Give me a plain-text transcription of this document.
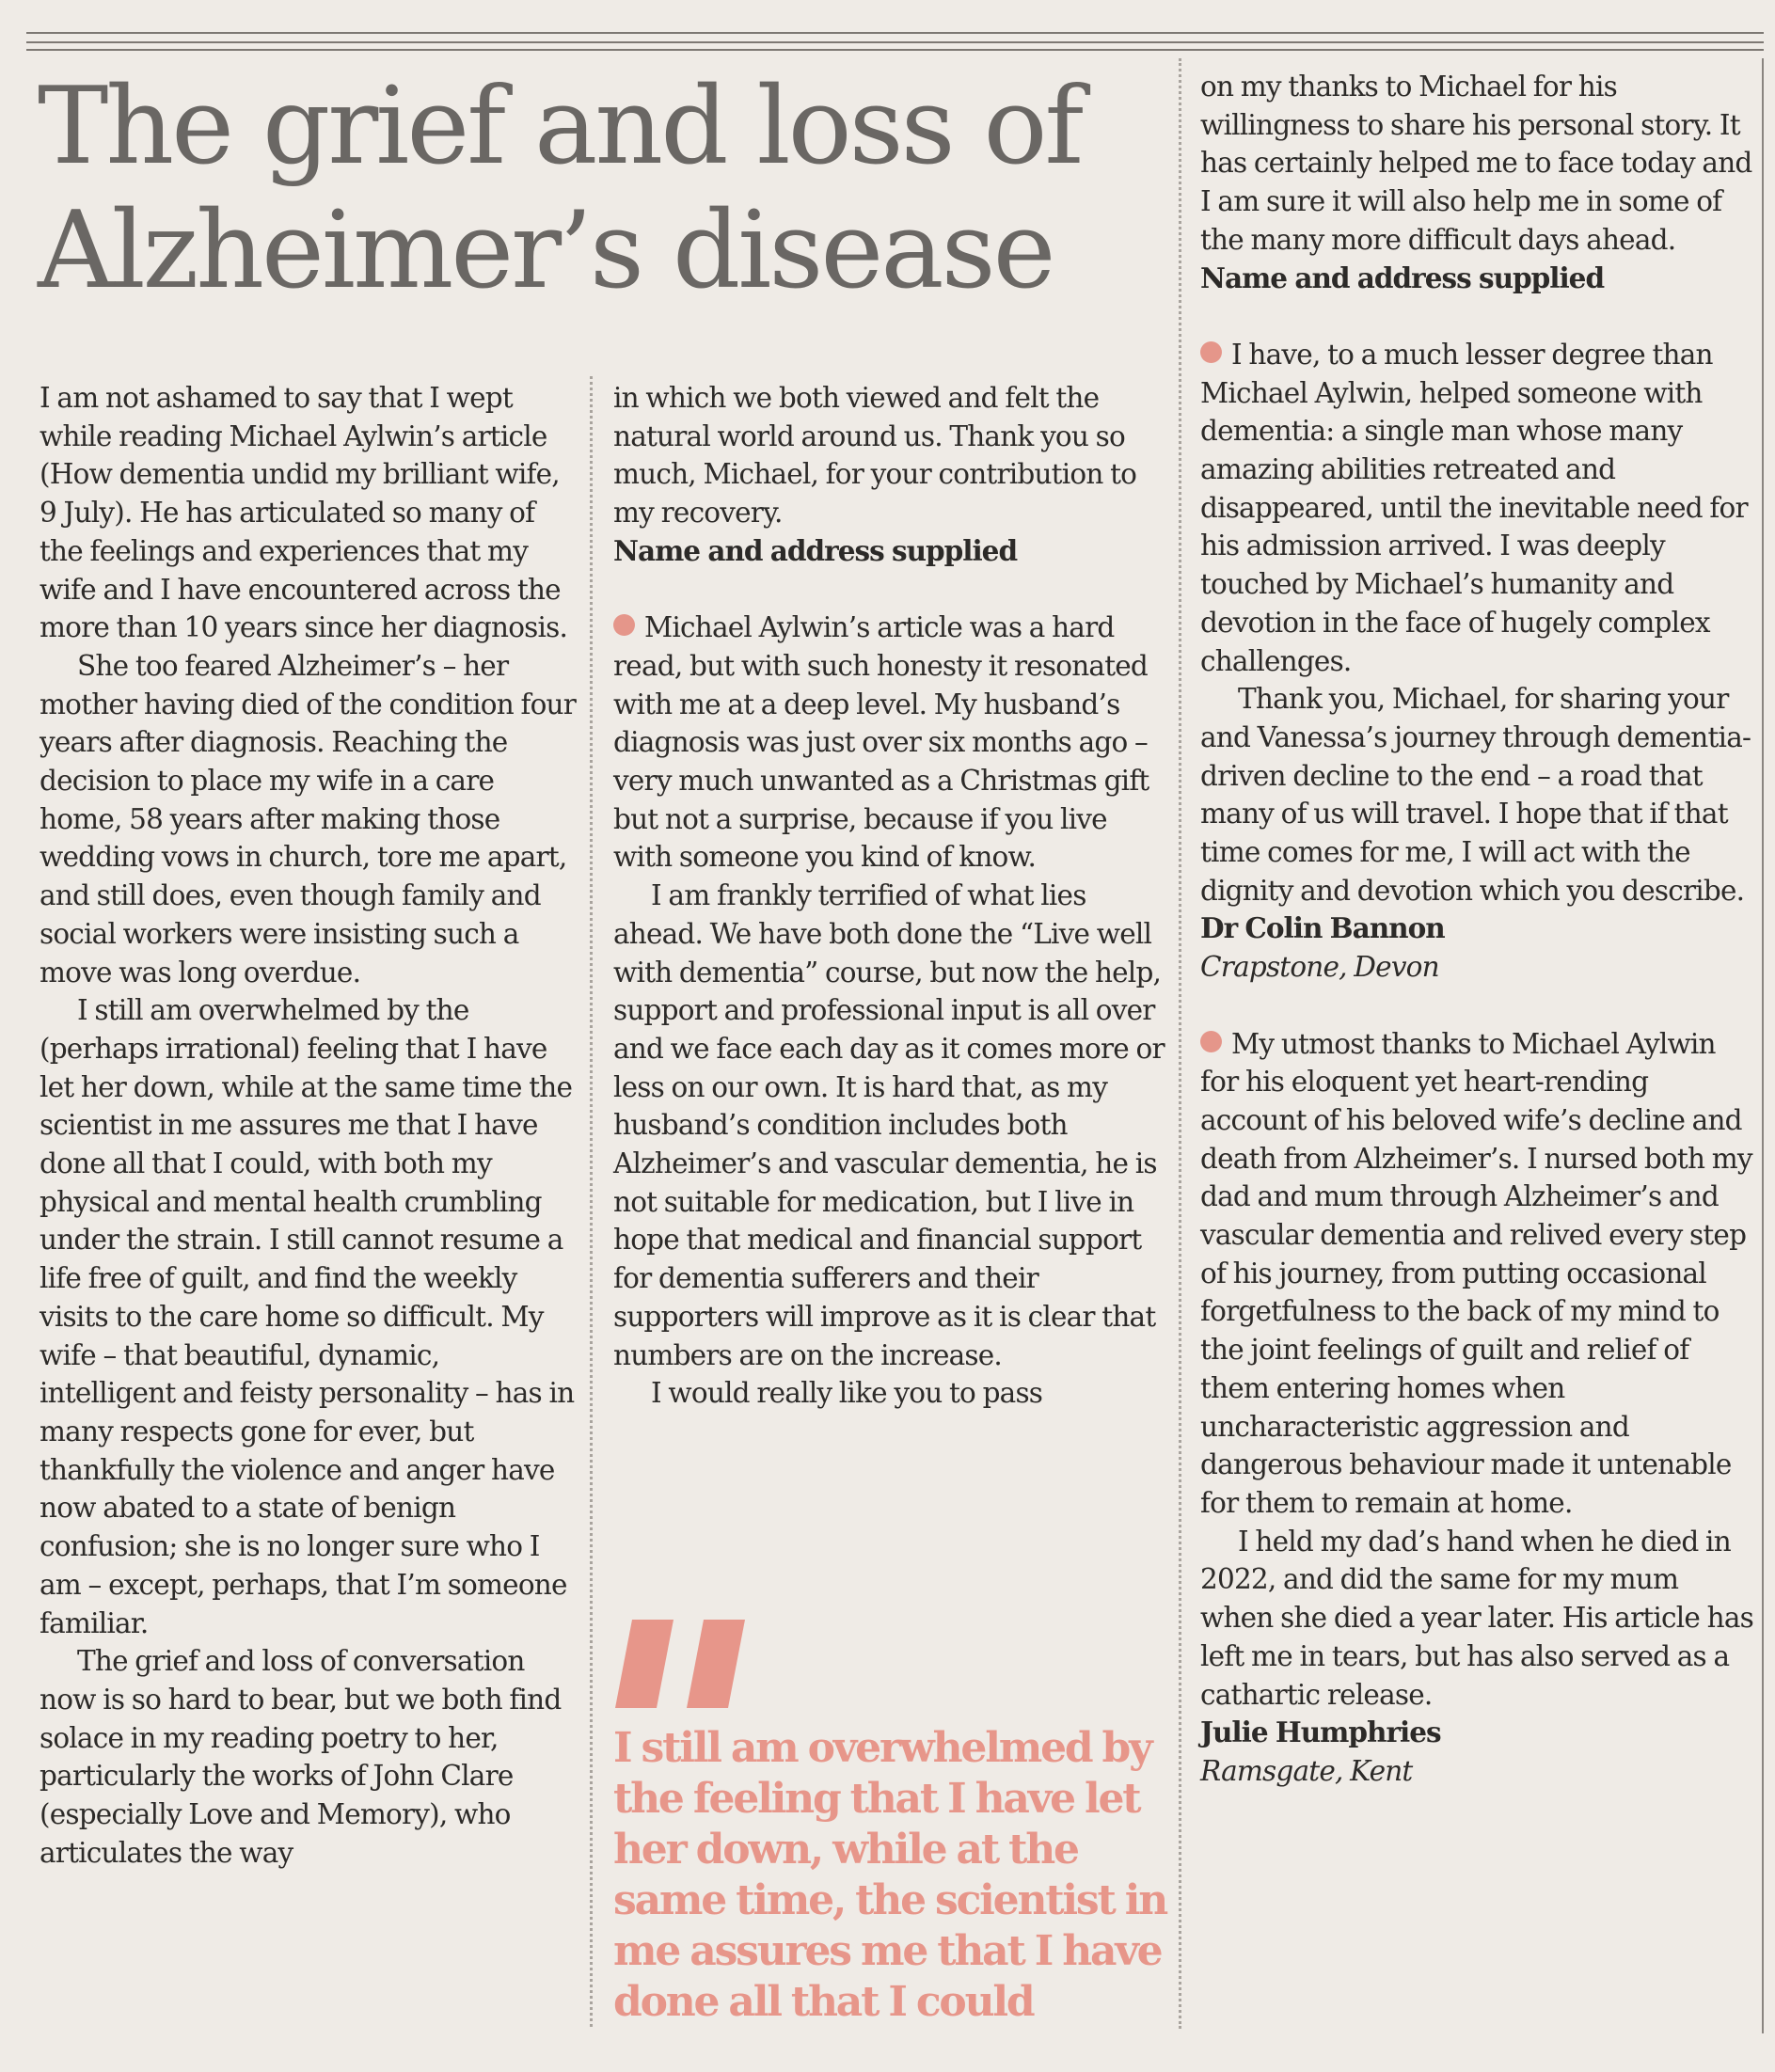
The grief and loss of Alzheimer’s disease

I am not ashamed to say that I wept while reading Michael Aylwin’s article (How dementia undid my brilliant wife, 9 July). He has articulated so many of the feelings and experiences that my wife and I have encountered across the more than 10 years since her diagnosis.

She too feared Alzheimer’s – her mother having died of the condition four years after diagnosis. Reaching the decision to place my wife in a care home, 58 years after making those wedding vows in church, tore me apart, and still does, even though family and social workers were insisting such a move was long overdue.

I still am overwhelmed by the (perhaps irrational) feeling that I have let her down, while at the same time the scientist in me assures me that I have done all that I could, with both my physical and mental health crumbling under the strain. I still cannot resume a life free of guilt, and find the weekly visits to the care home so difficult. My wife – that beautiful, dynamic, intelligent and feisty personality – has in many respects gone for ever, but thankfully the violence and anger have now abated to a state of benign confusion; she is no longer sure who I am – except, perhaps, that I’m someone familiar.

The grief and loss of conversation now is so hard to bear, but we both find solace in my reading poetry to her, particularly the works of John Clare (especially Love and Memory), who articulates the way

in which we both viewed and felt the natural world around us. Thank you so much, Michael, for your contribution to my recovery.

Name and address supplied

Michael Aylwin’s article was a hard read, but with such honesty it resonated with me at a deep level. My husband’s diagnosis was just over six months ago – very much unwanted as a Christmas gift but not a surprise, because if you live with someone you kind of know.

I am frankly terrified of what lies ahead. We have both done the “Live well with dementia” course, but now the help, support and professional input is all over and we face each day as it comes more or less on our own. It is hard that, as my husband’s condition includes both Alzheimer’s and vascular dementia, he is not suitable for medication, but I live in hope that medical and financial support for dementia sufferers and their supporters will improve as it is clear that numbers are on the increase.

I would really like you to pass

I still am overwhelmed by the feeling that I have let her down, while at the same time, the scientist in me assures me that I have done all that I could

on my thanks to Michael for his willingness to share his personal story. It has certainly helped me to face today and I am sure it will also help me in some of the many more difficult days ahead.

Name and address supplied

I have, to a much lesser degree than Michael Aylwin, helped someone with dementia: a single man whose many amazing abilities retreated and disappeared, until the inevitable need for his admission arrived. I was deeply touched by Michael’s humanity and devotion in the face of hugely complex challenges.

Thank you, Michael, for sharing your and Vanessa’s journey through dementia-driven decline to the end – a road that many of us will travel. I hope that if that time comes for me, I will act with the dignity and devotion which you describe.

Dr Colin Bannon

Crapstone, Devon

My utmost thanks to Michael Aylwin for his eloquent yet heart-rending account of his beloved wife’s decline and death from Alzheimer’s. I nursed both my dad and mum through Alzheimer’s and vascular dementia and relived every step of his journey, from putting occasional forgetfulness to the back of my mind to the joint feelings of guilt and relief of them entering homes when uncharacteristic aggression and dangerous behaviour made it untenable for them to remain at home.

I held my dad’s hand when he died in 2022, and did the same for my mum when she died a year later. His article has left me in tears, but has also served as a cathartic release.

Julie Humphries

Ramsgate, Kent
